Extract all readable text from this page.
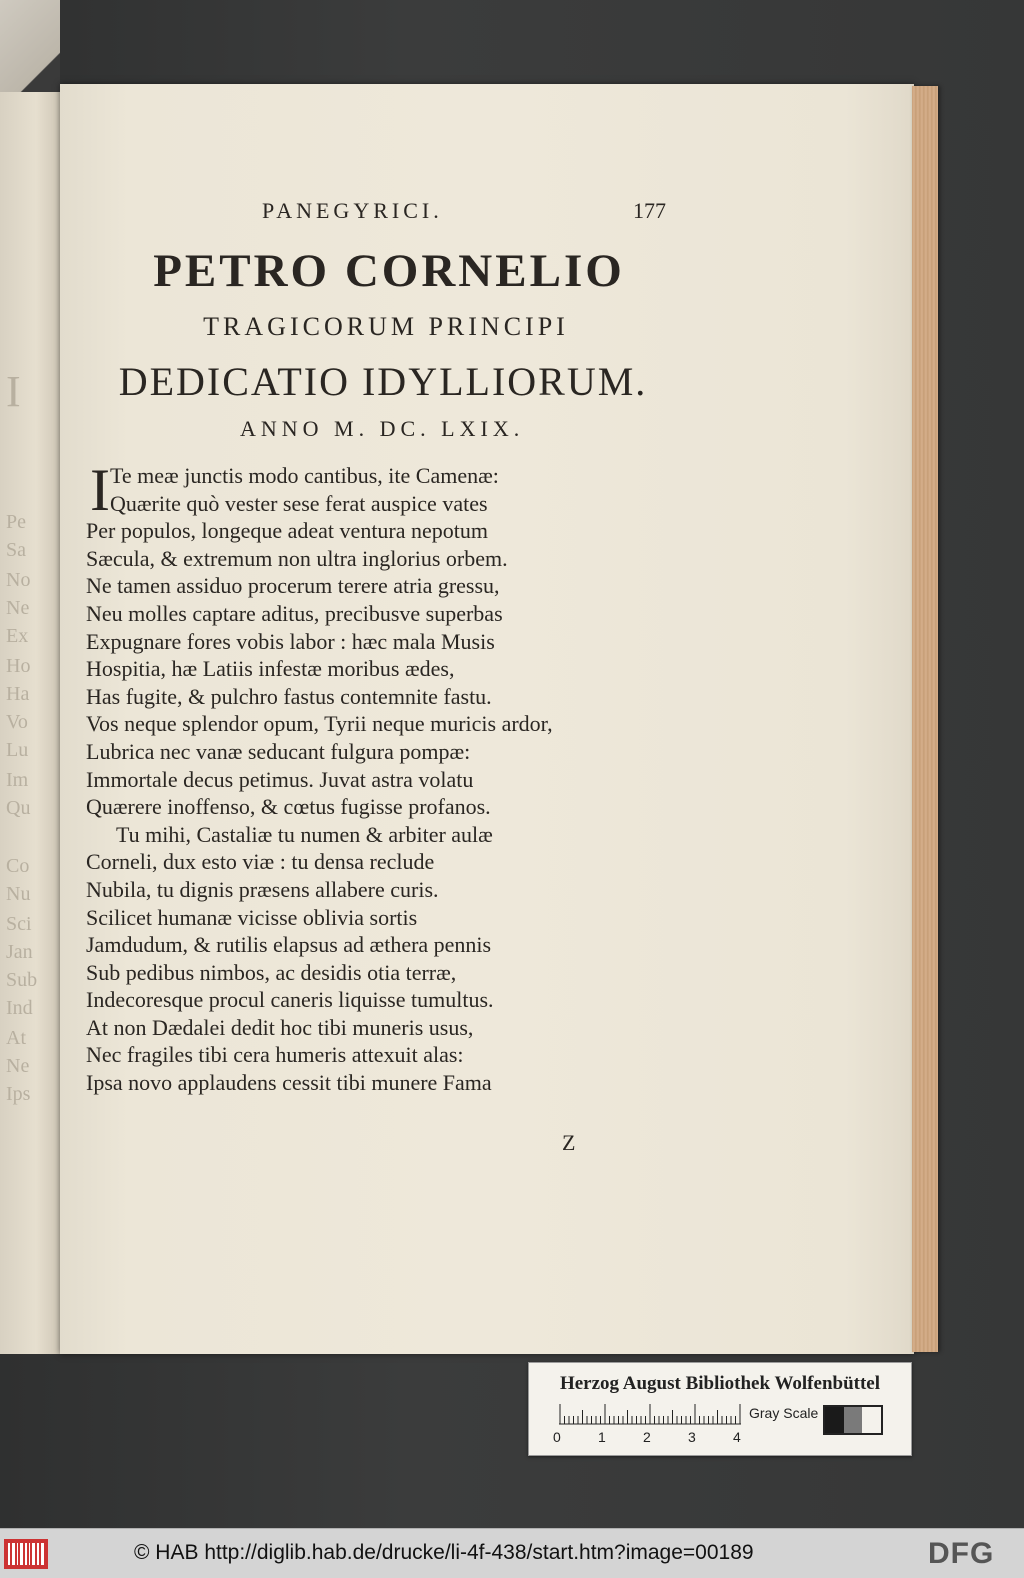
I
Pe
Sa
No
Ne
Ex
Ho
Ha
Vo
Lu
Im
Qu
Co
Nu
Sci
Jan
Sub
Ind
At
Ne
Ips
PANEGYRICI.	177
PETRO CORNELIO
TRAGICORUM PRINCIPI
DEDICATIO IDYLLIORUM.
ANNO M. DC. LXIX.
I Te meæ junctis modo cantibus, ite Camenæ:
Quærite quò vester sese ferat auspice vates
Per populos, longeque adeat ventura nepotum
Sæcula, & extremum non ultra inglorius orbem.
Ne tamen assiduo procerum terere atria gressu,
Neu molles captare aditus, precibusve superbas
Expugnare fores vobis labor : hæc mala Musis
Hospitia, hæ Latiis infestæ moribus ædes,
Has fugite, & pulchro fastus contemnite fastu.
Vos neque splendor opum, Tyrii neque muricis ardor,
Lubrica nec vanæ seducant fulgura pompæ:
Immortale decus petimus. Juvat astra volatu
Quærere inoffenso, & cœtus fugisse profanos.
Tu mihi, Castaliæ tu numen & arbiter aulæ
Corneli, dux esto viæ : tu densa reclude
Nubila, tu dignis præsens allabere curis.
Scilicet humanæ vicisse oblivia sortis
Jamdudum, & rutilis elapsus ad æthera pennis
Sub pedibus nimbos, ac desidis otia terræ,
Indecoresque procul caneris liquisse tumultus.
At non Dædalei dedit hoc tibi muneris usus,
Nec fragiles tibi cera humeris attexuit alas:
Ipsa novo applaudens cessit tibi munere Fama
Z
Herzog August Bibliothek Wolfenbüttel
0	1	2	3	4
Gray Scale
© HAB http://diglib.hab.de/drucke/li-4f-438/start.htm?image=00189	DFG
